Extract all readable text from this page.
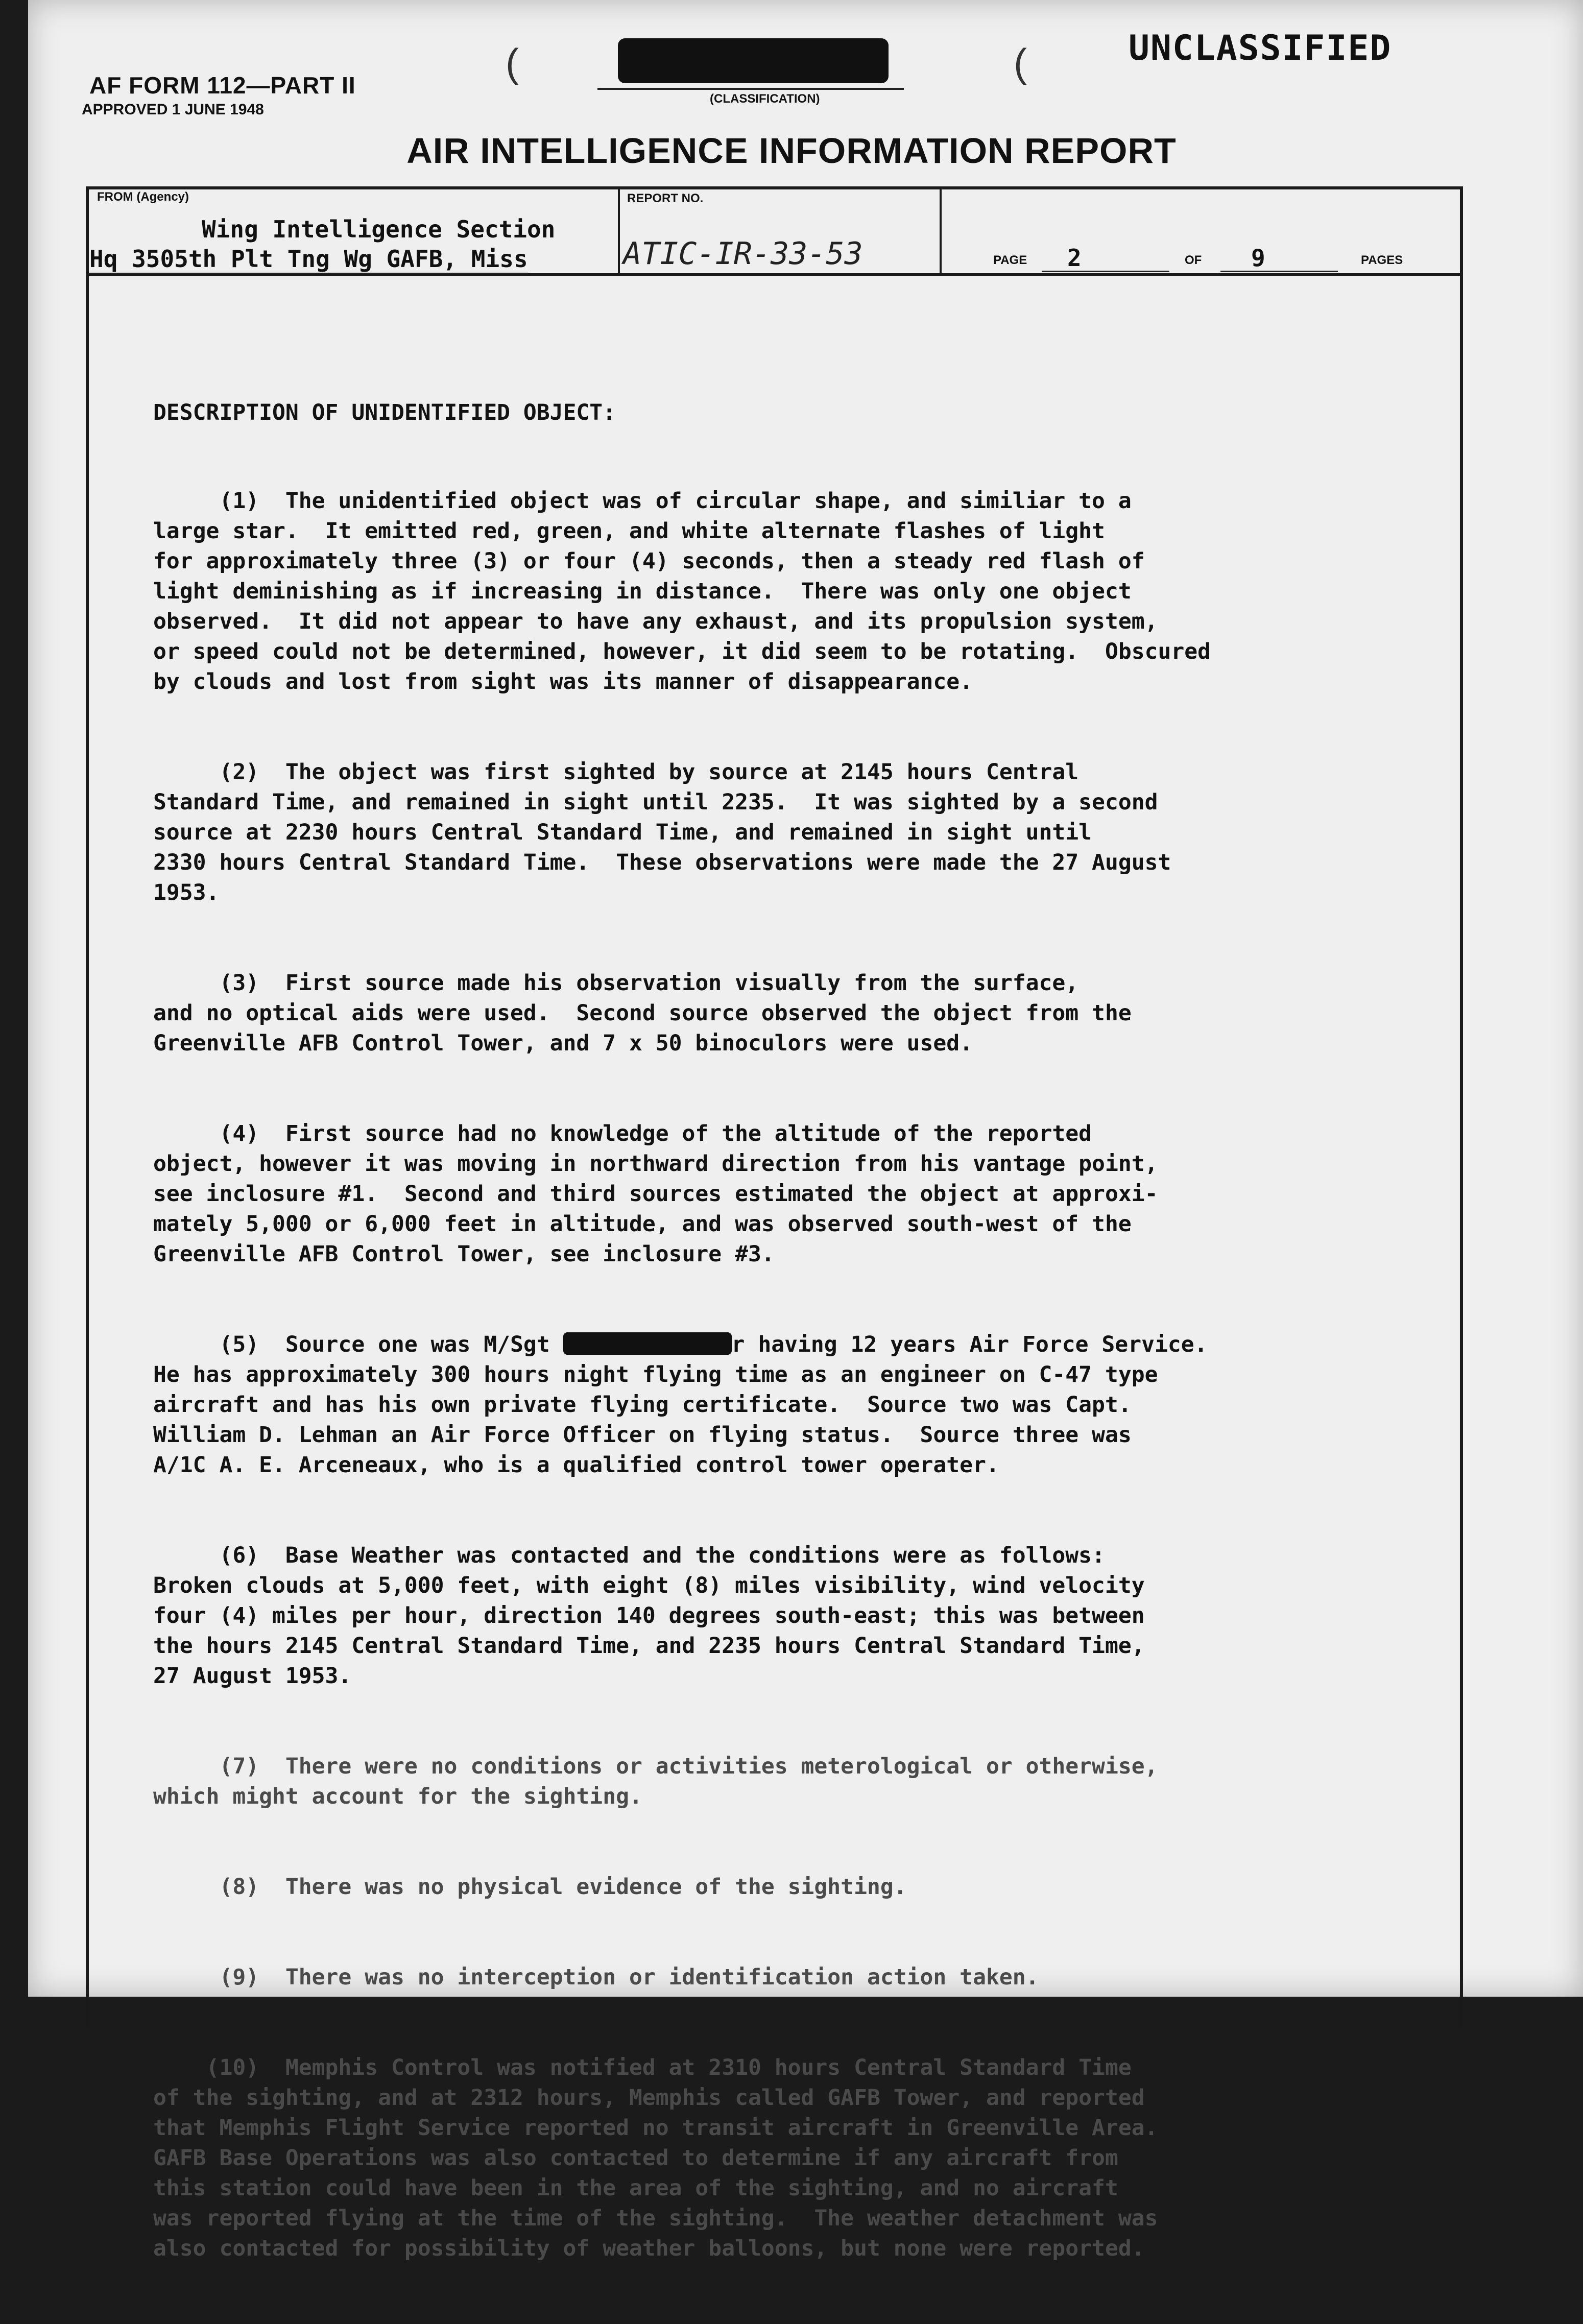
AF FORM 112—PART II
APPROVED 1 JUNE 1948
(	(
(CLASSIFICATION)
UNCLASSIFIED
AIR INTELLIGENCE INFORMATION REPORT
FROM (Agency)
Wing Intelligence Section
Hq 3505th Plt Tng Wg GAFB, Miss
REPORT NO.
ATIC-IR-33-53	PAGE 2	OF 9	PAGES

DESCRIPTION OF UNIDENTIFIED OBJECT:

(1)  The unidentified object was of circular shape, and similiar to a
large star.  It emitted red, green, and white alternate flashes of light
for approximately three (3) or four (4) seconds, then a steady red flash of
light deminishing as if increasing in distance.  There was only one object
observed.  It did not appear to have any exhaust, and its propulsion system,
or speed could not be determined, however, it did seem to be rotating.  Obscured
by clouds and lost from sight was its manner of disappearance.

(2)  The object was first sighted by source at 2145 hours Central
Standard Time, and remained in sight until 2235.  It was sighted by a second
source at 2230 hours Central Standard Time, and remained in sight until
2330 hours Central Standard Time.  These observations were made the 27 August
1953.

(3)  First source made his observation visually from the surface,
and no optical aids were used.  Second source observed the object from the
Greenville AFB Control Tower, and 7 x 50 binoculors were used.

(4)  First source had no knowledge of the altitude of the reported
object, however it was moving in northward direction from his vantage point,
see inclosure #1.  Second and third sources estimated the object at approxi-
mately 5,000 or 6,000 feet in altitude, and was observed south-west of the
Greenville AFB Control Tower, see inclosure #3.

(5)  Source one was M/Sgt	r having 12 years Air Force Service.
He has approximately 300 hours night flying time as an engineer on C-47 type
aircraft and has his own private flying certificate.  Source two was Capt.
William D. Lehman an Air Force Officer on flying status.  Source three was
A/1C A. E. Arceneaux, who is a qualified control tower operater.

(6)  Base Weather was contacted and the conditions were as follows:
Broken clouds at 5,000 feet, with eight (8) miles visibility, wind velocity
four (4) miles per hour, direction 140 degrees south-east; this was between
the hours 2145 Central Standard Time, and 2235 hours Central Standard Time,
27 August 1953.

(7)  There were no conditions or activities meterological or otherwise,
which might account for the sighting.

(8)  There was no physical evidence of the sighting.

(9)  There was no interception or identification action taken.

(10)  Memphis Control was notified at 2310 hours Central Standard Time
of the sighting, and at 2312 hours, Memphis called GAFB Tower, and reported
that Memphis Flight Service reported no transit aircraft in Greenville Area.
GAFB Base Operations was also contacted to determine if any aircraft from
this station could have been in the area of the sighting, and no aircraft
was reported flying at the time of the sighting.  The weather detachment was
also contacted for possibility of weather balloons, but none were reported.
